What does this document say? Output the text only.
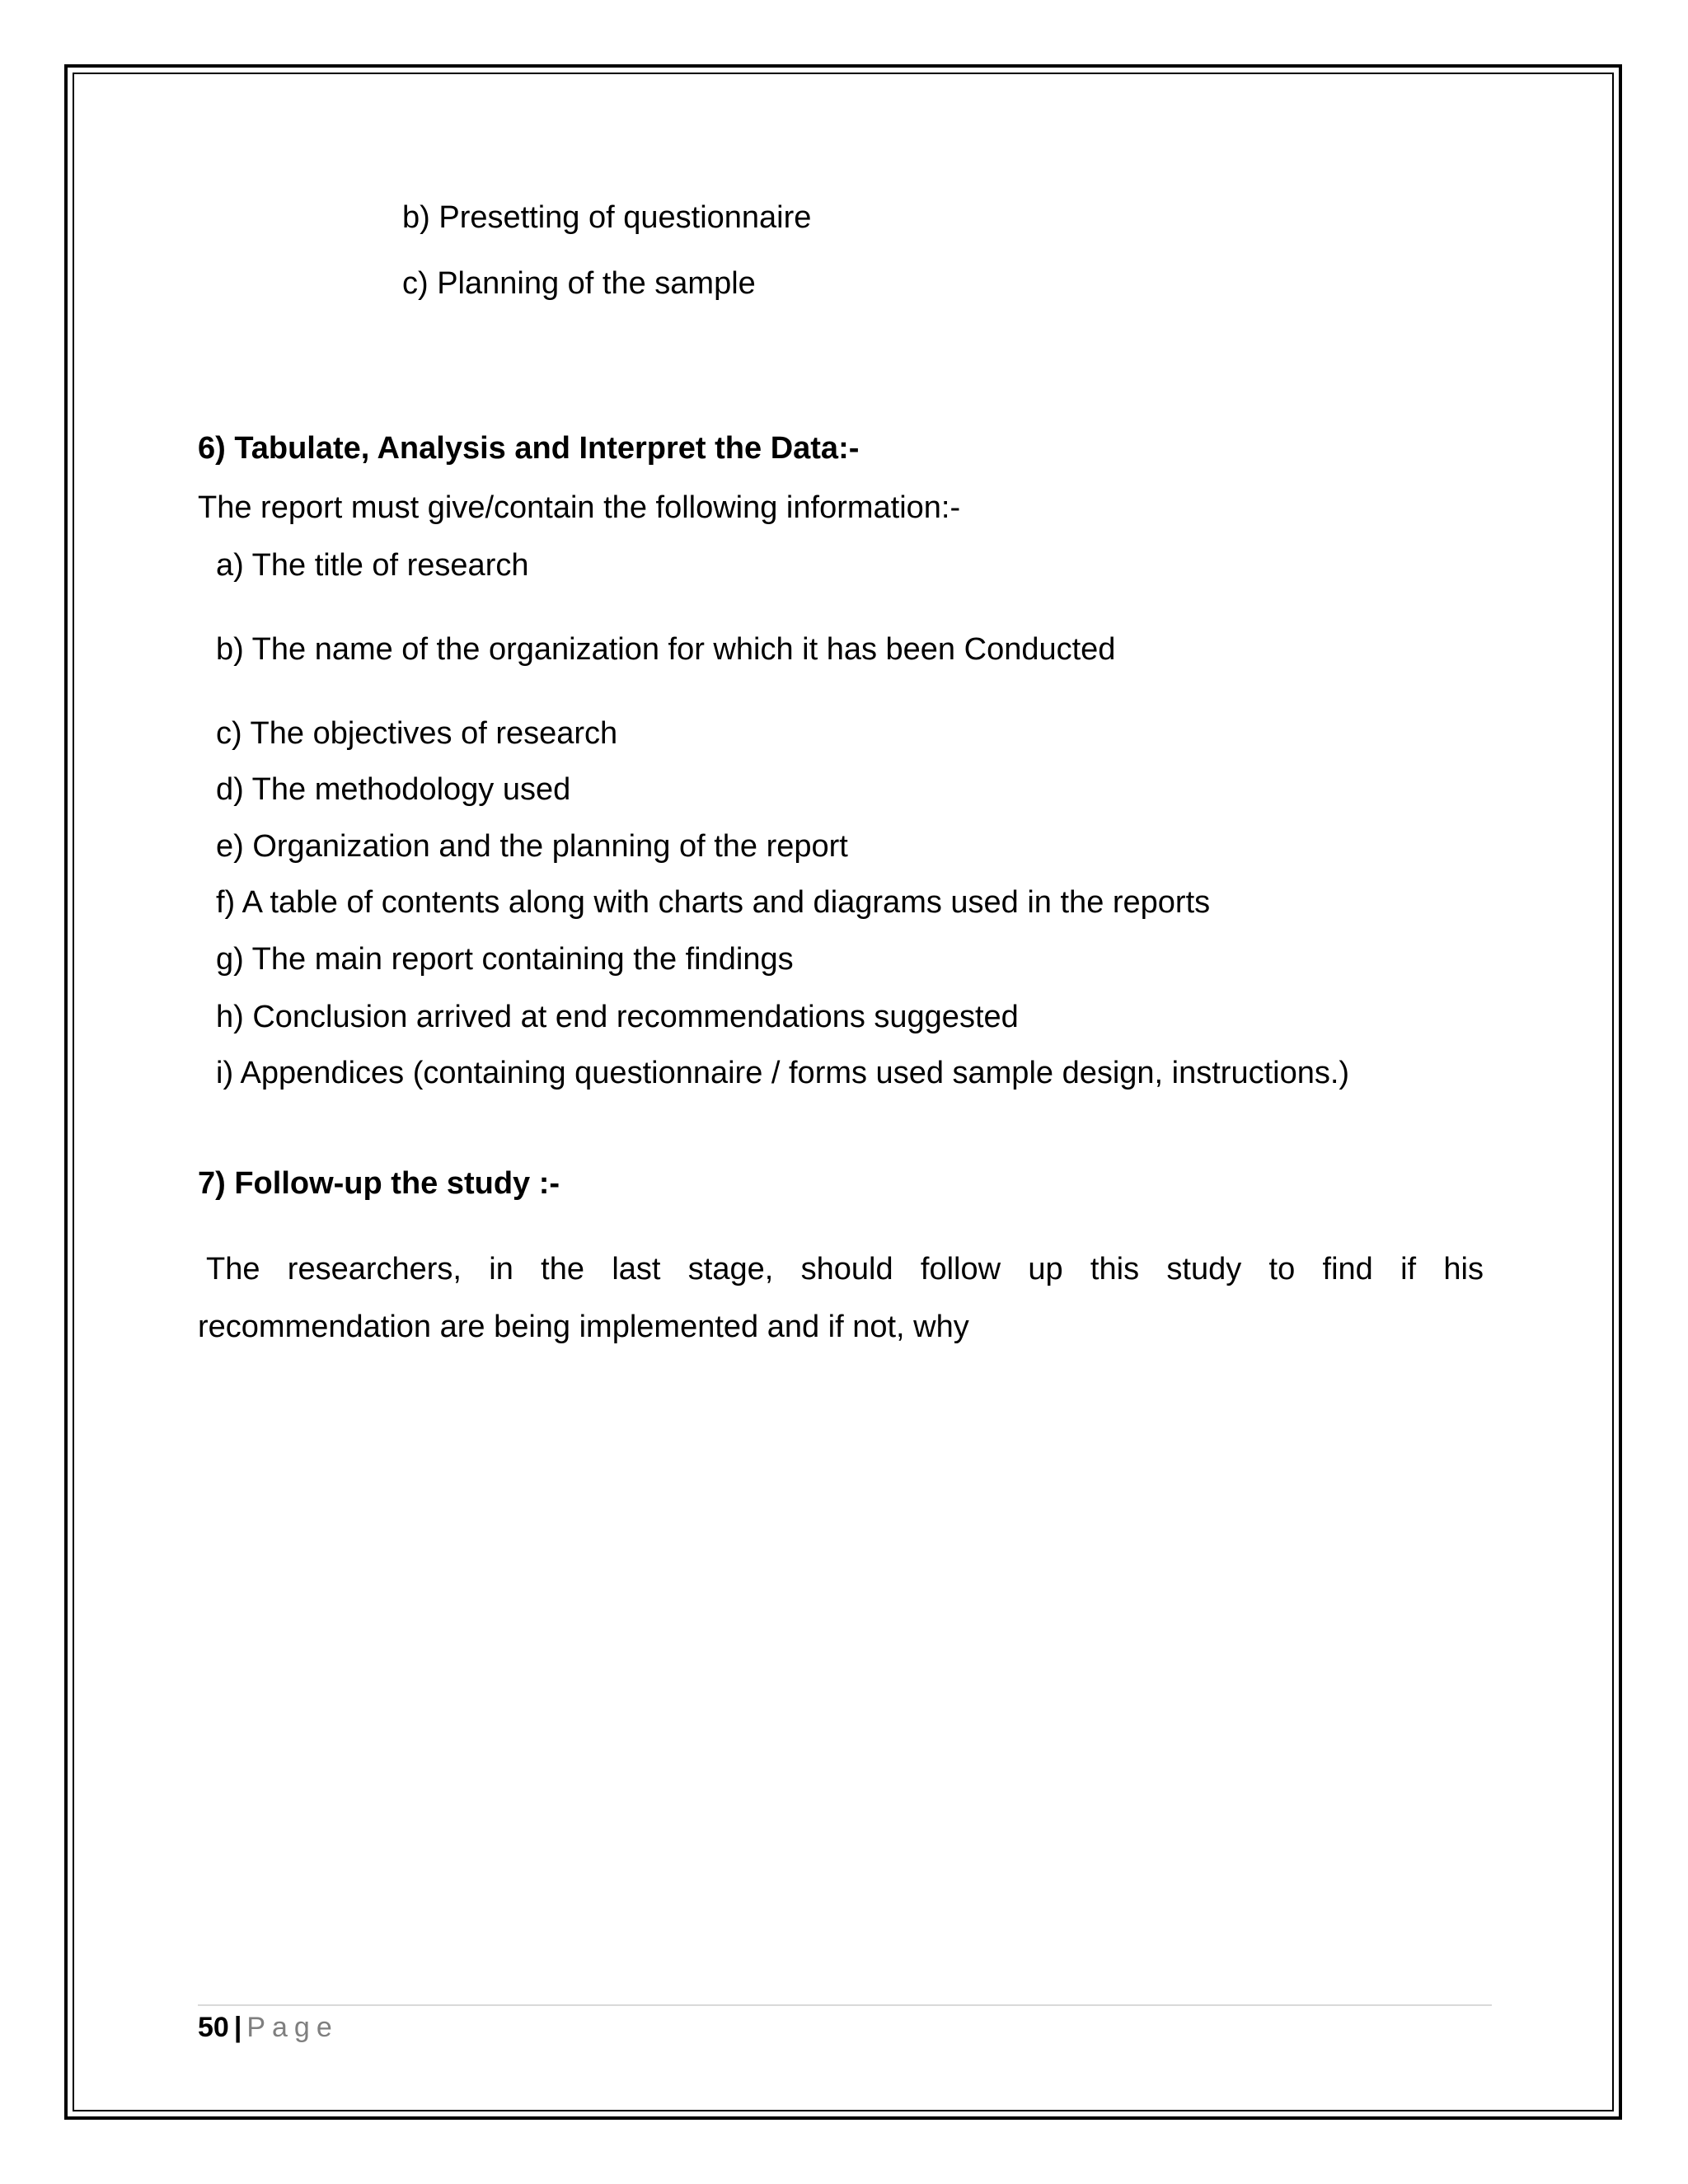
b) Presetting of questionnaire
c) Planning of the sample
6) Tabulate, Analysis and Interpret the Data:-
The report must give/contain the following information:-
a) The title of research
b) The name of the organization for which it has been Conducted
c) The objectives of research
d) The methodology used
e) Organization and the planning of the report
f) A table of contents along with charts and diagrams used in the reports
g) The main report containing the findings
h) Conclusion arrived at end recommendations suggested
i) Appendices (containing questionnaire / forms used sample design, instructions.)
7) Follow-up the study :-
The researchers, in the last stage, should follow up this study to find if his
recommendation are being implemented and if not, why
50 | Page
